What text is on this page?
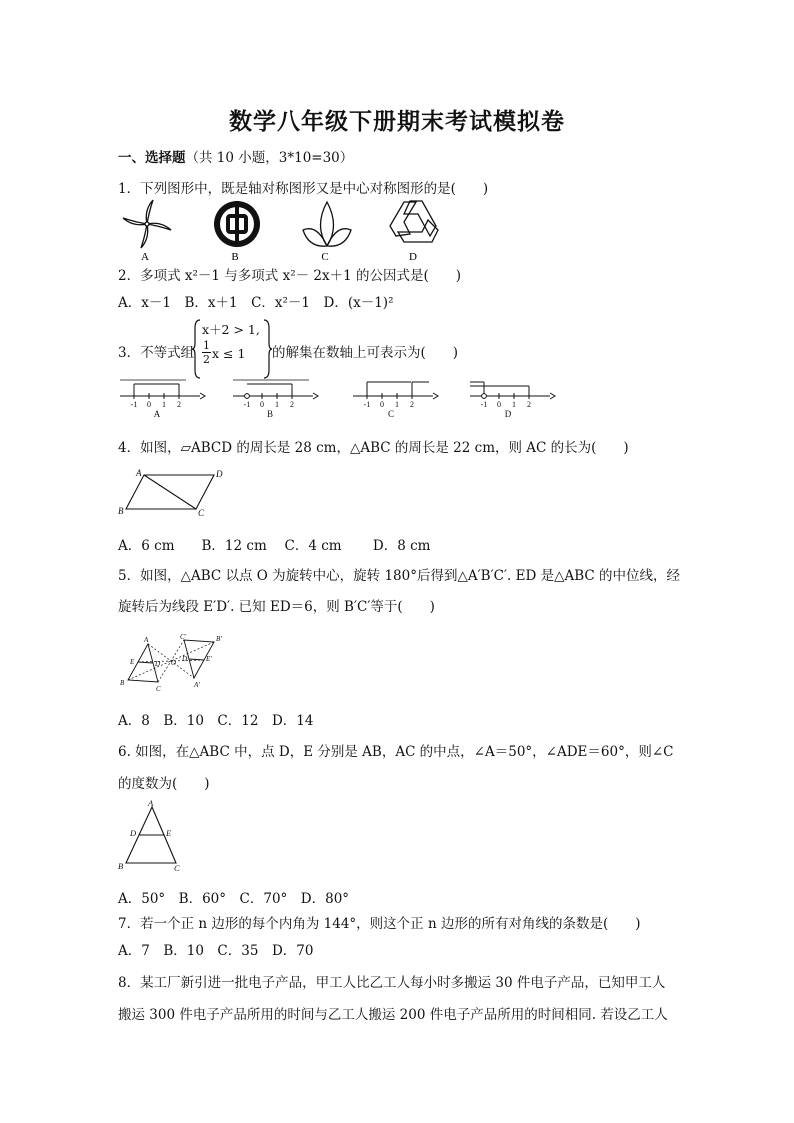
数学八年级下册期末考试模拟卷
一、选择题（共 10 小题，3*10=30）
1．下列图形中，既是轴对称图形又是中心对称图形的是(　　)
A	B	C	D
2．多项式 x²－1 与多项式 x²－ 2x＋1 的公因式是(　　)
A．x－1　B．x＋1　C．x²－1　D．(x－1)²
3．不等式组
x＋2 > 1,
$\frac{1}{2}$ x ≤ 1 的解集在数轴上可表示为(　　)
-1 0 1 2
A
-1 0 1 2
B
-1 0 1 2
C
-1 0 1 2
D
4．如图，▱ABCD 的周长是 28 cm，△ABC 的周长是 22 cm，则 AC 的长为(　　)
A	D
B	C
A．6 cm　　B．12 cm　 C．4 cm　　 D．8 cm
5．如图，△ABC 以点 O 为旋转中心，旋转 180°后得到△A′B′C′. ED 是△ABC 的中位线，经
旋转后为线段 E′D′. 已知 ED＝6，则 B′C′等于(　　)
A
E	D
B
C
O
C′	B′
D′ E′
A′
A．8　B．10　C．12　D．14
6. 如图，在△ABC 中，点 D，E 分别是 AB，AC 的中点，∠A＝50°，∠ADE＝60°，则∠C
的度数为(　　)
A
D	E
B	C
A．50°　B．60°　C．70°　D．80°
7．若一个正 n 边形的每个内角为 144°，则这个正 n 边形的所有对角线的条数是(　　)
A．7　B．10　C．35　D．70
8．某工厂新引进一批电子产品，甲工人比乙工人每小时多搬运 30 件电子产品，已知甲工人
搬运 300 件电子产品所用的时间与乙工人搬运 200 件电子产品所用的时间相同. 若设乙工人
